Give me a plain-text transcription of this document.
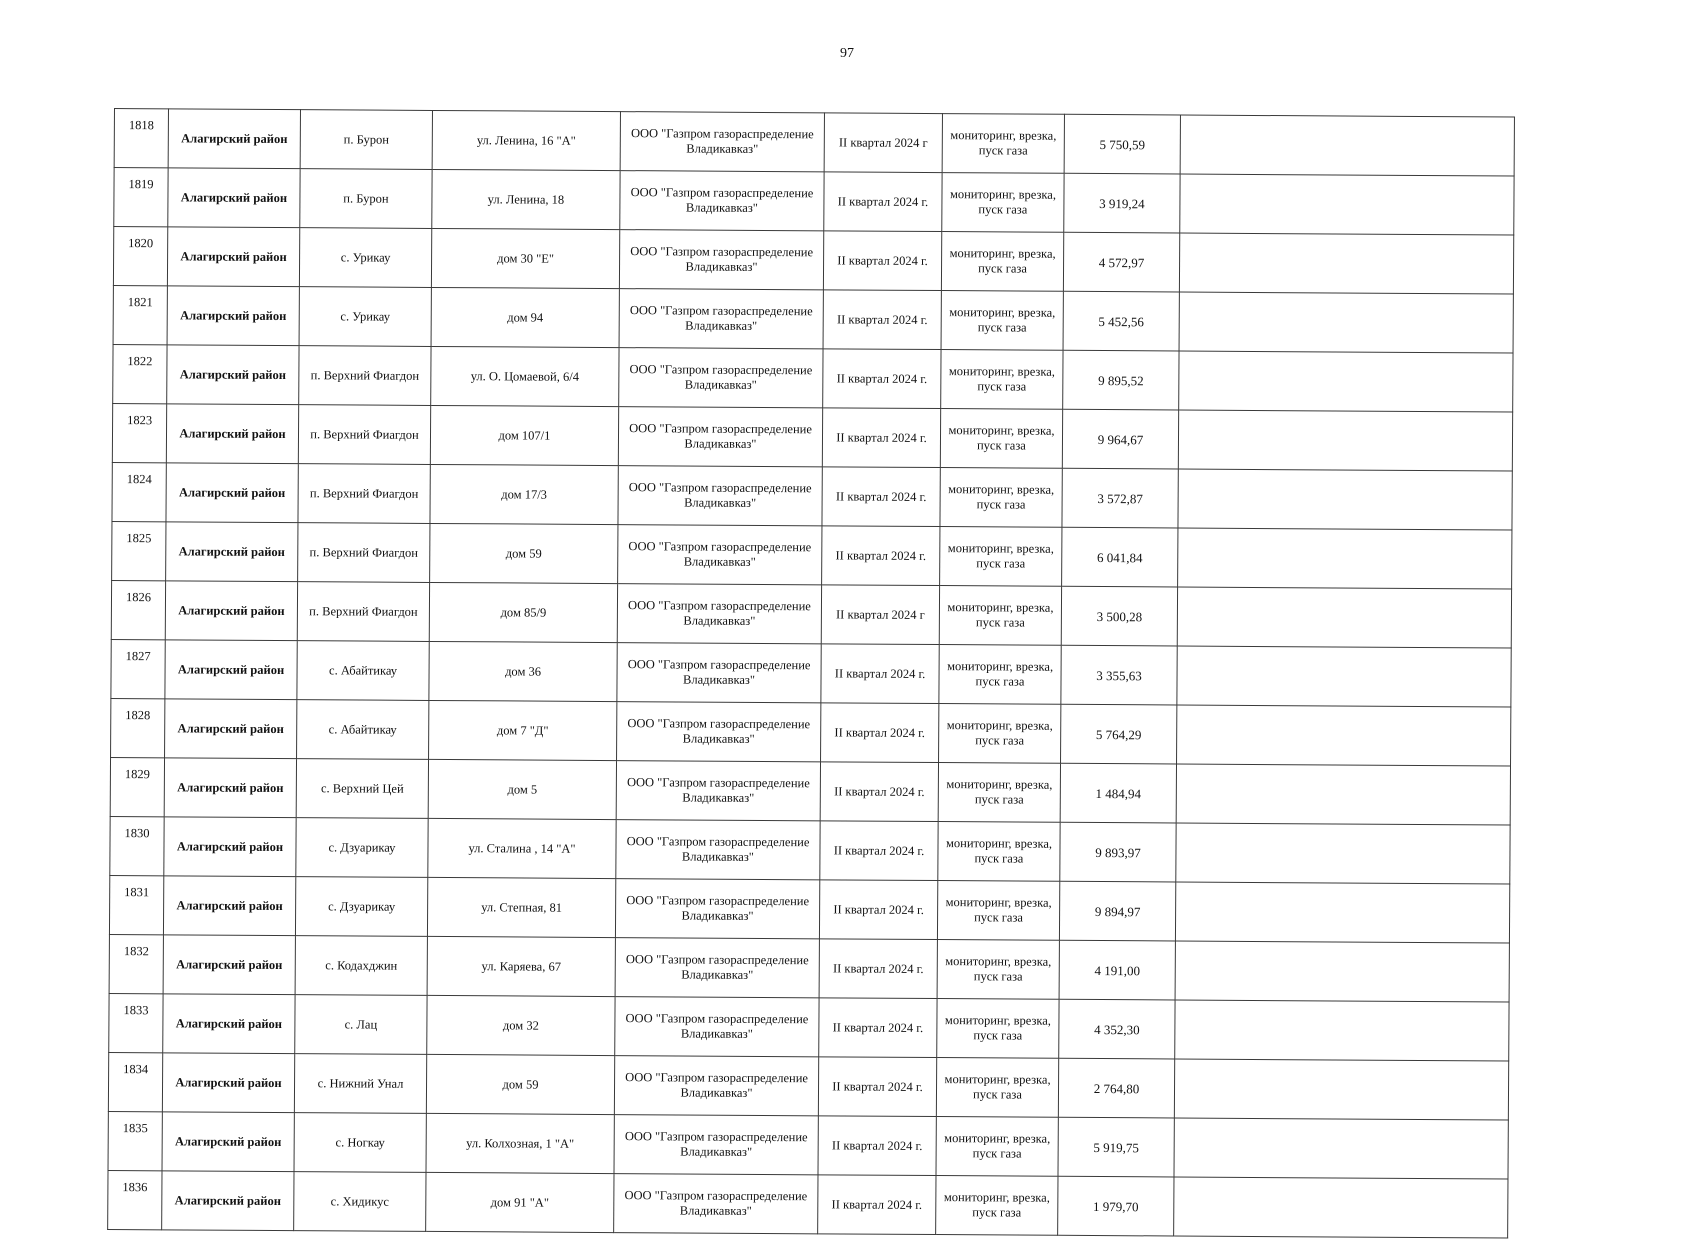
97
1818	Алагирский район	п. Бурон	ул. Ленина, 16 "А"	ООО "Газпром газораспределение Владикавказ"	II квартал 2024 г	мониторинг, врезка, пуск газа	5 750,59	
1819	Алагирский район	п. Бурон	ул. Ленина, 18	ООО "Газпром газораспределение Владикавказ"	II квартал 2024 г.	мониторинг, врезка, пуск газа	3 919,24	
1820	Алагирский район	с. Урикау	дом 30 "Е"	ООО "Газпром газораспределение Владикавказ"	II квартал 2024 г.	мониторинг, врезка, пуск газа	4 572,97	
1821	Алагирский район	с. Урикау	дом 94	ООО "Газпром газораспределение Владикавказ"	II квартал 2024 г.	мониторинг, врезка, пуск газа	5 452,56	
1822	Алагирский район	п. Верхний Фиагдон	ул. О. Цомаевой, 6/4	ООО "Газпром газораспределение Владикавказ"	II квартал 2024 г.	мониторинг, врезка, пуск газа	9 895,52	
1823	Алагирский район	п. Верхний Фиагдон	дом 107/1	ООО "Газпром газораспределение Владикавказ"	II квартал 2024 г.	мониторинг, врезка, пуск газа	9 964,67	
1824	Алагирский район	п. Верхний Фиагдон	дом 17/3	ООО "Газпром газораспределение Владикавказ"	II квартал 2024 г.	мониторинг, врезка, пуск газа	3 572,87	
1825	Алагирский район	п. Верхний Фиагдон	дом 59	ООО "Газпром газораспределение Владикавказ"	II квартал 2024 г.	мониторинг, врезка, пуск газа	6 041,84	
1826	Алагирский район	п. Верхний Фиагдон	дом 85/9	ООО "Газпром газораспределение Владикавказ"	II квартал 2024 г	мониторинг, врезка, пуск газа	3 500,28	
1827	Алагирский район	с. Абайтикау	дом 36	ООО "Газпром газораспределение Владикавказ"	II квартал 2024 г.	мониторинг, врезка, пуск газа	3 355,63	
1828	Алагирский район	с. Абайтикау	дом 7 "Д"	ООО "Газпром газораспределение Владикавказ"	II квартал 2024 г.	мониторинг, врезка, пуск газа	5 764,29	
1829	Алагирский район	с. Верхний Цей	дом 5	ООО "Газпром газораспределение Владикавказ"	II квартал 2024 г.	мониторинг, врезка, пуск газа	1 484,94	
1830	Алагирский район	с. Дзуарикау	ул. Сталина , 14 "А"	ООО "Газпром газораспределение Владикавказ"	II квартал 2024 г.	мониторинг, врезка, пуск газа	9 893,97	
1831	Алагирский район	с. Дзуарикау	ул. Степная, 81	ООО "Газпром газораспределение Владикавказ"	II квартал 2024 г.	мониторинг, врезка, пуск газа	9 894,97	
1832	Алагирский район	с. Кодахджин	ул. Каряева, 67	ООО "Газпром газораспределение Владикавказ"	II квартал 2024 г.	мониторинг, врезка, пуск газа	4 191,00	
1833	Алагирский район	с. Лац	дом 32	ООО "Газпром газораспределение Владикавказ"	II квартал 2024 г.	мониторинг, врезка, пуск газа	4 352,30	
1834	Алагирский район	с. Нижний Унал	дом 59	ООО "Газпром газораспределение Владикавказ"	II квартал 2024 г.	мониторинг, врезка, пуск газа	2 764,80	
1835	Алагирский район	с. Ногкау	ул. Колхозная, 1 "А"	ООО "Газпром газораспределение Владикавказ"	II квартал 2024 г.	мониторинг, врезка, пуск газа	5 919,75	
1836	Алагирский район	с. Хидикус	дом 91 "А"	ООО "Газпром газораспределение Владикавказ"	II квартал 2024 г.	мониторинг, врезка, пуск газа	1 979,70	
